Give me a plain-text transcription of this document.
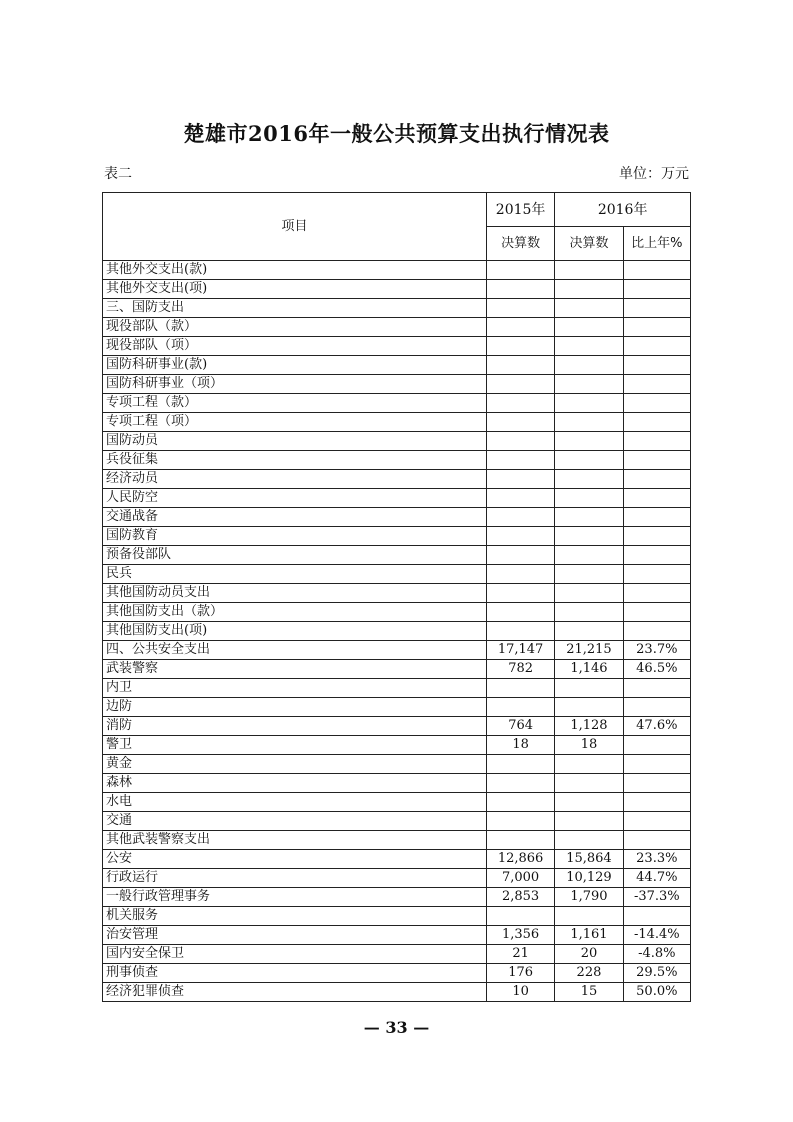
楚雄市2016年一般公共预算支出执行情况表
表二	单位：万元
项目	2015年	2016年	
	决算数	决算数	比上年%
其他外交支出(款)			
其他外交支出(项)			
三、国防支出			
现役部队（款）			
现役部队（项）			
国防科研事业(款)			
国防科研事业（项）			
专项工程（款）			
专项工程（项）			
国防动员			
兵役征集			
经济动员			
人民防空			
交通战备			
国防教育			
预备役部队			
民兵			
其他国防动员支出			
其他国防支出（款）			
其他国防支出(项)			
四、公共安全支出	17,147	21,215	23.7%
武装警察	782	1,146	46.5%
内卫			
边防			
消防	764	1,128	47.6%
警卫	18	18	
黄金			
森林			
水电			
交通			
其他武装警察支出			
公安	12,866	15,864	23.3%
行政运行	7,000	10,129	44.7%
一般行政管理事务	2,853	1,790	-37.3%
机关服务			
治安管理	1,356	1,161	-14.4%
国内安全保卫	21	20	-4.8%
刑事侦查	176	228	29.5%
经济犯罪侦查	10	15	50.0%
— 33 —
